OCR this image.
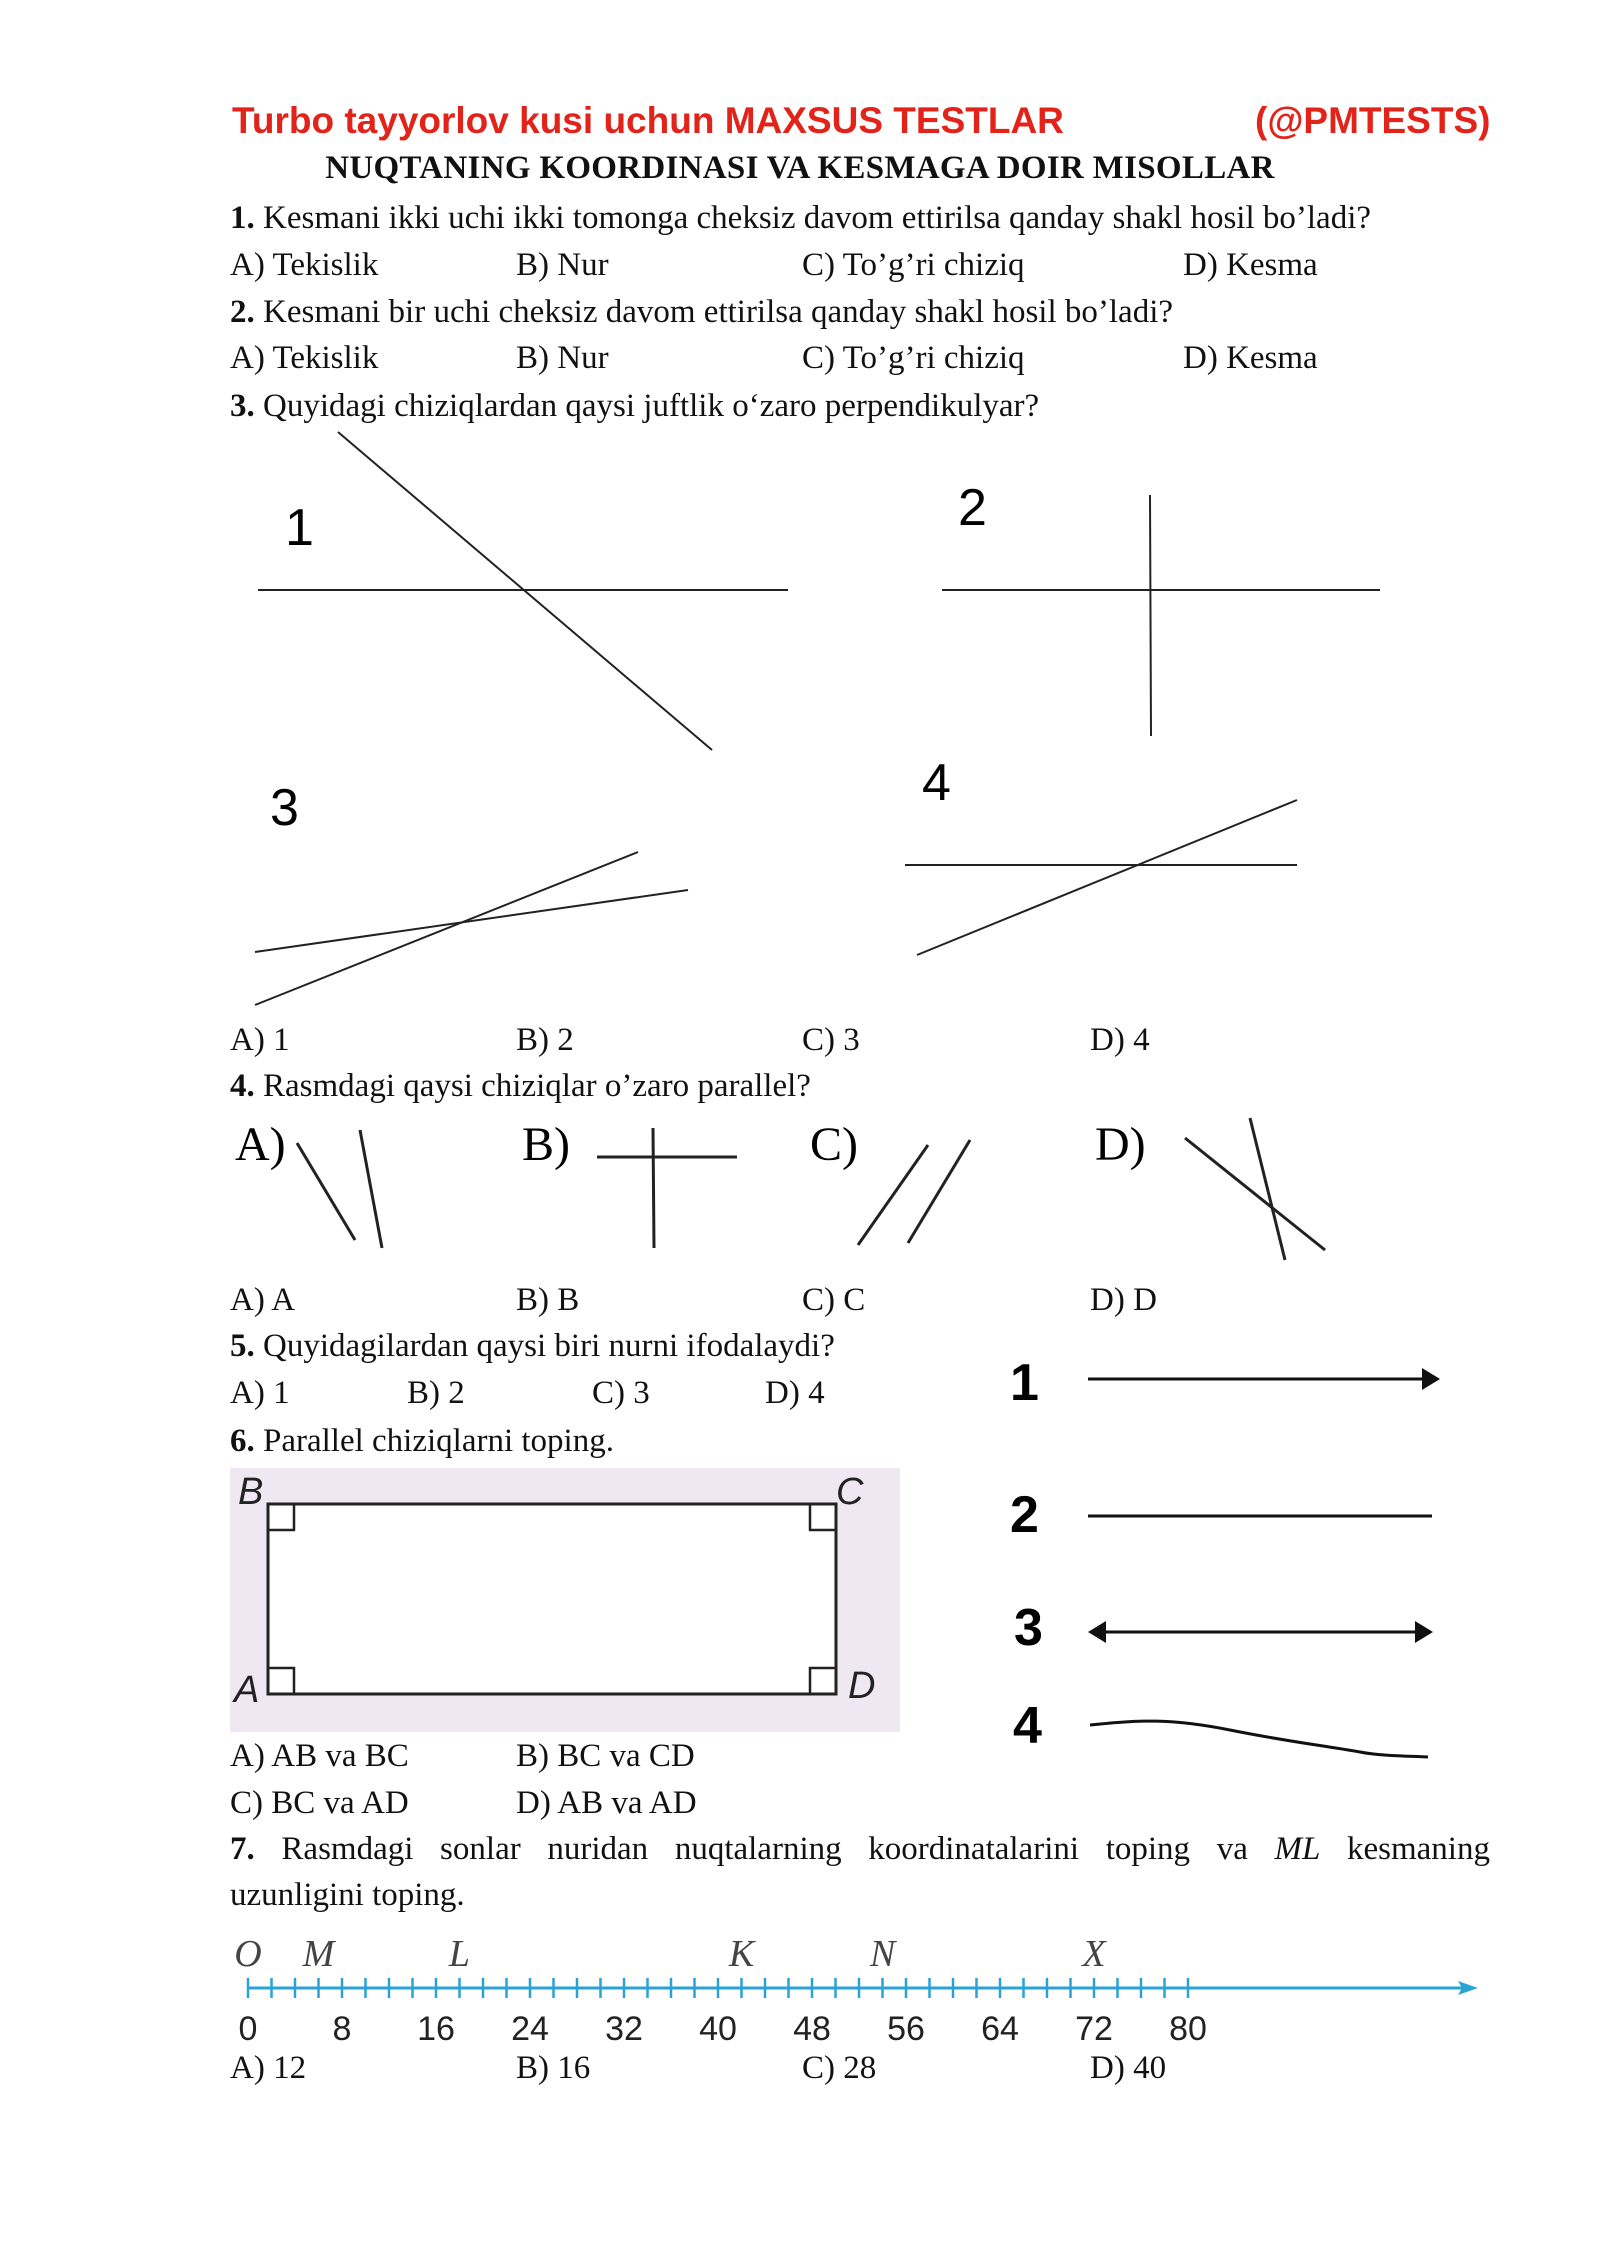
Turbo tayyorlov kusi uchun MAXSUS TESTLAR	(@PMTESTS)
NUQTANING KOORDINASI VA KESMAGA DOIR MISOLLAR
1. Kesmani ikki uchi ikki tomonga cheksiz davom ettirilsa qanday shakl hosil bo’ladi?
A) Tekislik	B) Nur	C) To’g’ri chiziq	D) Kesma
2. Kesmani bir uchi cheksiz davom ettirilsa qanday shakl hosil bo’ladi?
A) Tekislik	B) Nur	C) To’g’ri chiziq	D) Kesma
3. Quyidagi chiziqlardan qaysi juftlik o‘zaro perpendikulyar?
1	2
3	4
A) 1	B) 2	C) 3	D) 4
4. Rasmdagi qaysi chiziqlar o’zaro parallel?
A)	B)	C)	D)
A) A	B) B	C) C	D) D
5. Quyidagilardan qaysi biri nurni ifodalaydi?
A) 1	B) 2	C) 3	D) 4	1
2
3
4
6. Parallel chiziqlarni toping.
B	C
A	D
A) AB va BC	B) BC va CD
C) BC va AD	D) AB va AD
7. Rasmdagi sonlar nuridan nuqtalarning koordinatalarini toping va ML kesmaning
uzunligini toping.
0 8 16 24 32 40 48 56 64 72 80
O M	L	K	N	X
A) 12	B) 16	C) 28	D) 40
